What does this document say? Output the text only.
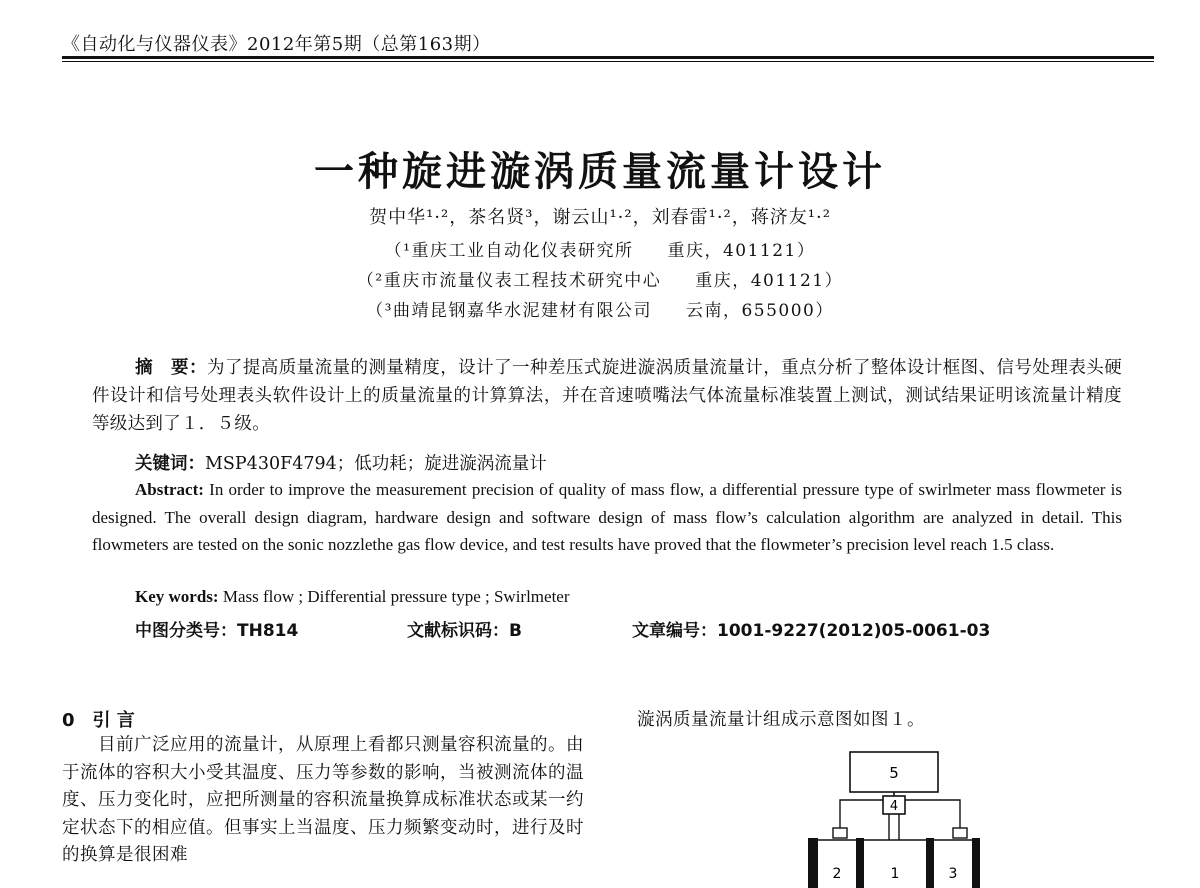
《自动化与仪器仪表》2012年第5期（总第163期）
一种旋进漩涡质量流量计设计
贺中华¹·²，茶名贤³，谢云山¹·²，刘春雷¹·²，蒋济友¹·²
（¹重庆工业自动化仪表研究所 重庆，401121）
（²重庆市流量仪表工程技术研究中心 重庆，401121）
（³曲靖昆钢嘉华水泥建材有限公司 云南，655000）
摘　要：为了提高质量流量的测量精度，设计了一种差压式旋进漩涡质量流量计，重点分析了整体设计框图、信号处理表头硬件设计和信号处理表头软件设计上的质量流量的计算算法，并在音速喷嘴法气体流量标准装置上测试，测试结果证明该流量计精度等级达到了１．５级。
关键词：MSP430F4794；低功耗；旋进漩涡流量计
Abstract: In order to improve the measurement precision of quality of mass flow, a differential pressure type of swirlmeter mass flowmeter is designed. The overall design diagram, hardware design and software design of mass flow’s calculation algorithm are analyzed in detail. This flowmeters are tested on the sonic nozzlethe gas flow device, and test results have proved that the flowmeter’s precision level reach 1.5 class.
Key words: Mass flow ; Differential pressure type ; Swirlmeter
中图分类号：TH814	文献标识码：B	文章编号：1001-9227(2012)05-0061-03
0　引 言
目前广泛应用的流量计，从原理上看都只测量容积流量的。由于流体的容积大小受其温度、压力等参数的影响，当被测流体的温度、压力变化时，应把所测量的容积流量换算成标准状态或某一约定状态下的相应值。但事实上当温度、压力频繁变动时，进行及时的换算是很困难
漩涡质量流量计组成示意图如图１。
5
4
2	1	3
